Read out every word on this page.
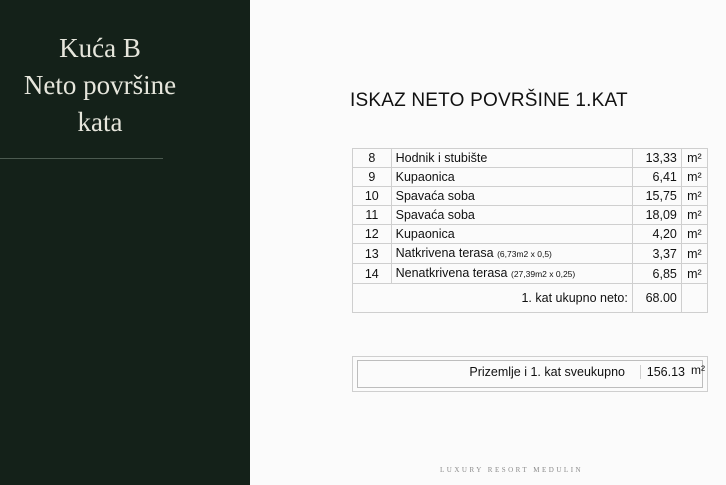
Kuća B
Neto površine
kata
ISKAZ NETO POVRŠINE 1.KAT
8	Hodnik i stubište	13,33	m²
9	Kupaonica	6,41	m²
10	Spavaća soba	15,75	m²
11	Spavaća soba	18,09	m²
12	Kupaonica	4,20	m²
13	Natkrivena terasa (6,73m2 x 0,5)	3,37	m²
14	Nenatkrivena terasa (27,39m2 x 0,25)	6,85	m²
1. kat ukupno neto:		68.00	
Prizemlje i 1. kat sveukupno	156.13 m²
LUXURY RESORT MEDULIN
